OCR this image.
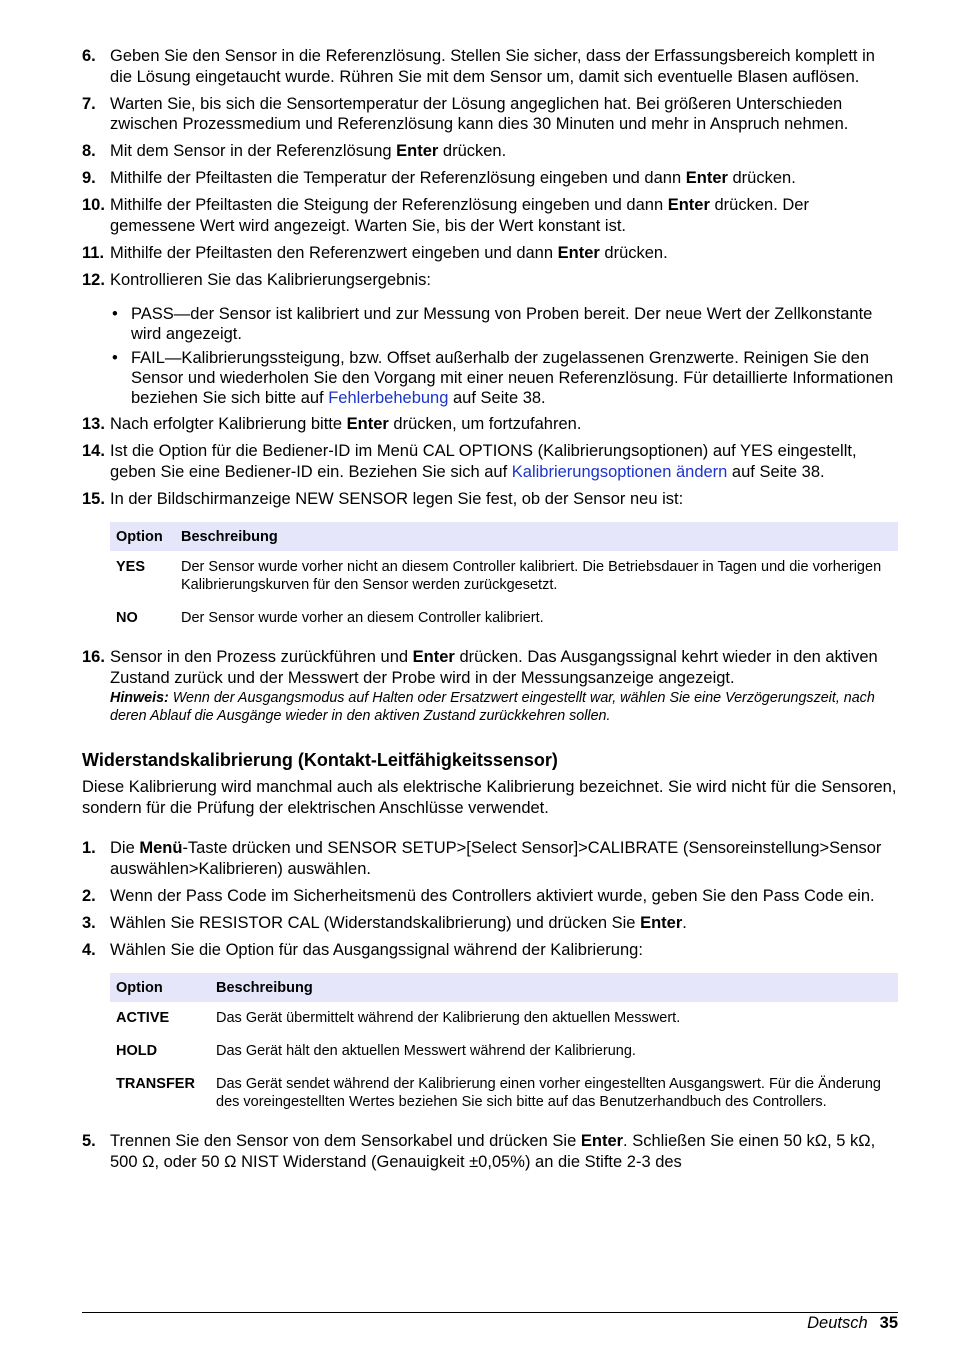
6. Geben Sie den Sensor in die Referenzlösung. Stellen Sie sicher, dass der Erfassungsbereich komplett in die Lösung eingetaucht wurde. Rühren Sie mit dem Sensor um, damit sich eventuelle Blasen auflösen.
7. Warten Sie, bis sich die Sensortemperatur der Lösung angeglichen hat. Bei größeren Unterschieden zwischen Prozessmedium und Referenzlösung kann dies 30 Minuten und mehr in Anspruch nehmen.
8. Mit dem Sensor in der Referenzlösung Enter drücken.
9. Mithilfe der Pfeiltasten die Temperatur der Referenzlösung eingeben und dann Enter drücken.
10. Mithilfe der Pfeiltasten die Steigung der Referenzlösung eingeben und dann Enter drücken. Der gemessene Wert wird angezeigt. Warten Sie, bis der Wert konstant ist.
11. Mithilfe der Pfeiltasten den Referenzwert eingeben und dann Enter drücken.
12. Kontrollieren Sie das Kalibrierungsergebnis:
• PASS—der Sensor ist kalibriert und zur Messung von Proben bereit. Der neue Wert der Zellkonstante wird angezeigt.
• FAIL—Kalibrierungssteigung, bzw. Offset außerhalb der zugelassenen Grenzwerte. Reinigen Sie den Sensor und wiederholen Sie den Vorgang mit einer neuen Referenzlösung. Für detaillierte Informationen beziehen Sie sich bitte auf Fehlerbehebung auf Seite 38.
13. Nach erfolgter Kalibrierung bitte Enter drücken, um fortzufahren.
14. Ist die Option für die Bediener-ID im Menü CAL OPTIONS (Kalibrierungsoptionen) auf YES eingestellt, geben Sie eine Bediener-ID ein. Beziehen Sie sich auf Kalibrierungsoptionen ändern auf Seite 38.
15. In der Bildschirmanzeige NEW SENSOR legen Sie fest, ob der Sensor neu ist:
Option	Beschreibung
YES	Der Sensor wurde vorher nicht an diesem Controller kalibriert. Die Betriebsdauer in Tagen und die vorherigen Kalibrierungskurven für den Sensor werden zurückgesetzt.
NO	Der Sensor wurde vorher an diesem Controller kalibriert.
16. Sensor in den Prozess zurückführen und Enter drücken. Das Ausgangssignal kehrt wieder in den aktiven Zustand zurück und der Messwert der Probe wird in der Messungsanzeige angezeigt.
Hinweis: Wenn der Ausgangsmodus auf Halten oder Ersatzwert eingestellt war, wählen Sie eine Verzögerungszeit, nach deren Ablauf die Ausgänge wieder in den aktiven Zustand zurückkehren sollen.
Widerstandskalibrierung (Kontakt-Leitfähigkeitssensor)

Diese Kalibrierung wird manchmal auch als elektrische Kalibrierung bezeichnet. Sie wird nicht für die Sensoren, sondern für die Prüfung der elektrischen Anschlüsse verwendet.

1. Die Menü-Taste drücken und SENSOR SETUP>[Select Sensor]>CALIBRATE (Sensoreinstellung>Sensor auswählen>Kalibrieren) auswählen.
2. Wenn der Pass Code im Sicherheitsmenü des Controllers aktiviert wurde, geben Sie den Pass Code ein.
3. Wählen Sie RESISTOR CAL (Widerstandskalibrierung) und drücken Sie Enter.
4. Wählen Sie die Option für das Ausgangssignal während der Kalibrierung:
Option	Beschreibung
ACTIVE	Das Gerät übermittelt während der Kalibrierung den aktuellen Messwert.
HOLD	Das Gerät hält den aktuellen Messwert während der Kalibrierung.
TRANSFER	Das Gerät sendet während der Kalibrierung einen vorher eingestellten Ausgangswert. Für die Änderung des voreingestellten Wertes beziehen Sie sich bitte auf das Benutzerhandbuch des Controllers.
5. Trennen Sie den Sensor von dem Sensorkabel und drücken Sie Enter. Schließen Sie einen 50 kΩ, 5 kΩ, 500 Ω, oder 50 Ω NIST Widerstand (Genauigkeit ±0,05%) an die Stifte 2-3 des
Deutsch 35
